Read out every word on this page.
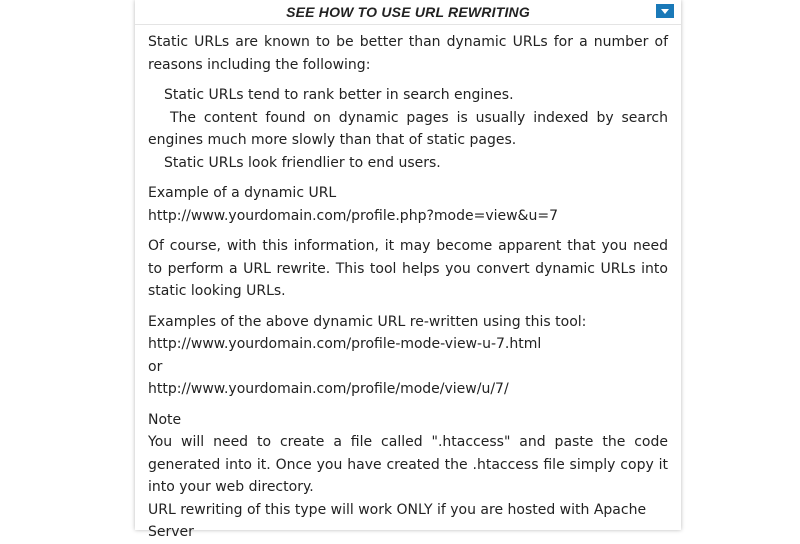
SEE HOW TO USE URL REWRITING

Static URLs are known to be better than dynamic URLs for a number of reasons including the following:

Static URLs tend to rank better in search engines.
The content found on dynamic pages is usually indexed by search engines much more slowly than that of static pages.
Static URLs look friendlier to end users.

Example of a dynamic URL
http://www.yourdomain.com/profile.php?mode=view&u=7

Of course, with this information, it may become apparent that you need to perform a URL rewrite. This tool helps you convert dynamic URLs into static looking URLs.

Examples of the above dynamic URL re-written using this tool:
http://www.yourdomain.com/profile-mode-view-u-7.html
or
http://www.yourdomain.com/profile/mode/view/u/7/

Note
You will need to create a file called ".htaccess" and paste the code generated into it. Once you have created the .htaccess file simply copy it into your web directory.
URL rewriting of this type will work ONLY if you are hosted with Apache Server
